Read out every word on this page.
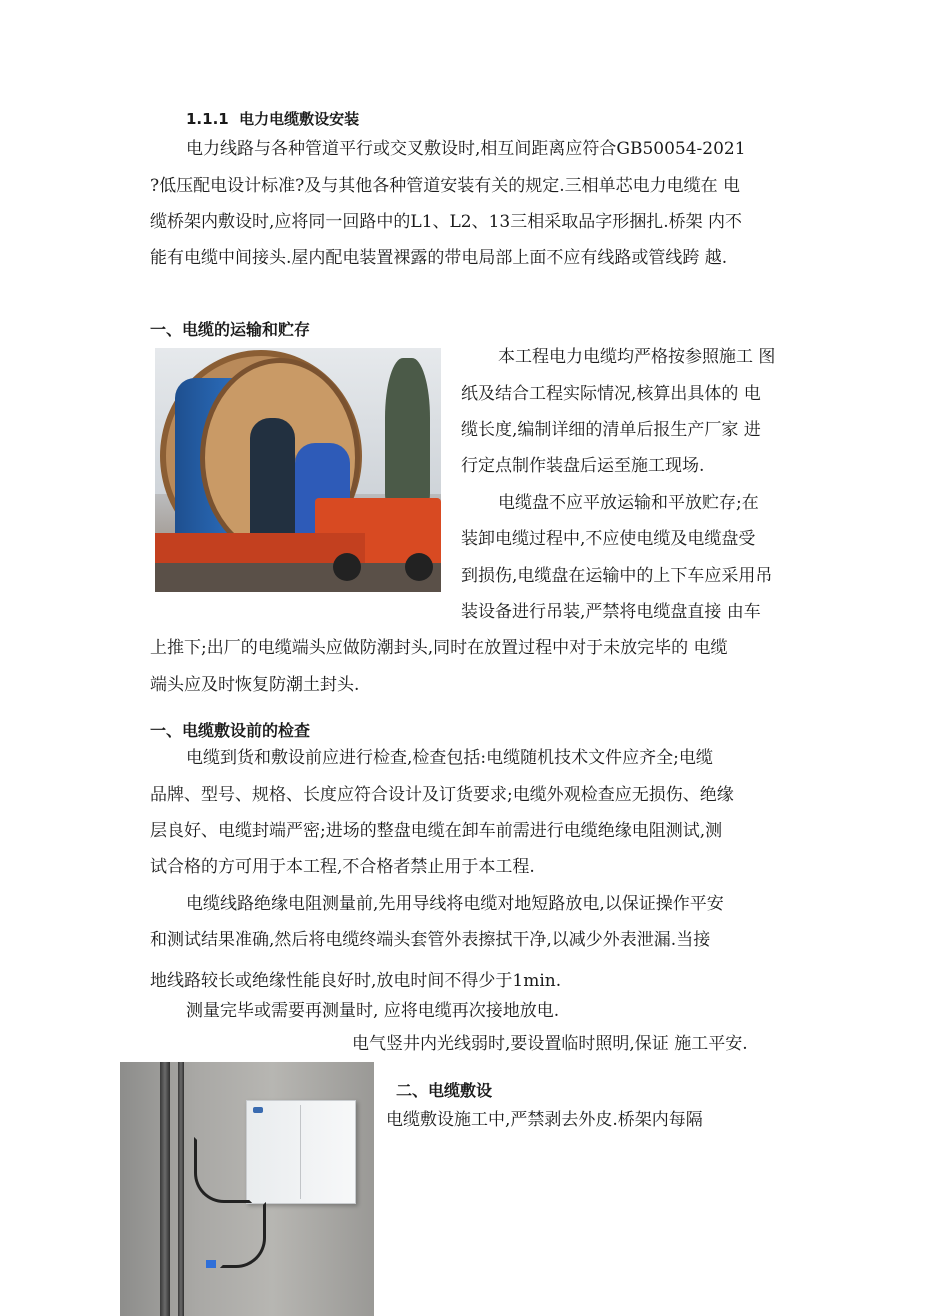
1.1.1 电力电缆敷设安装
电力线路与各种管道平行或交叉敷设时,相互间距离应符合GB50054-2021
?低压配电设计标准?及与其他各种管道安装有关的规定.三相单芯电力电缆在 电
缆桥架内敷设时,应将同一回路中的L1、L2、13三相采取品字形捆扎.桥架 内不
能有电缆中间接头.屋内配电装置裸露的带电局部上面不应有线路或管线跨 越.
一、电缆的运输和贮存
本工程电力电缆均严格按参照施工 图
纸及结合工程实际情况,核算出具体的 电
缆长度,编制详细的清单后报生产厂家 进
行定点制作装盘后运至施工现场.
电缆盘不应平放运输和平放贮存;在
装卸电缆过程中,不应使电缆及电缆盘受
到损伤,电缆盘在运输中的上下车应采用吊
装设备进行吊装,严禁将电缆盘直接 由车
上推下;出厂的电缆端头应做防潮封头,同时在放置过程中对于未放完毕的 电缆
端头应及时恢复防潮土封头.
一、电缆敷设前的检查
电缆到货和敷设前应进行检查,检查包括:电缆随机技术文件应齐全;电缆
品牌、型号、规格、长度应符合设计及订货要求;电缆外观检查应无损伤、绝缘
层良好、电缆封端严密;进场的整盘电缆在卸车前需进行电缆绝缘电阻测试,测
试合格的方可用于本工程,不合格者禁止用于本工程.
电缆线路绝缘电阻测量前,先用导线将电缆对地短路放电,以保证操作平安
和测试结果准确,然后将电缆终端头套管外表擦拭干净,以减少外表泄漏.当接
地线路较长或绝缘性能良好时,放电时间不得少于1min.
测量完毕或需要再测量时, 应将电缆再次接地放电.
电气竖井内光线弱时,要设置临时照明,保证 施工平安.
二、电缆敷设
电缆敷设施工中,严禁剥去外皮.桥架内每隔
